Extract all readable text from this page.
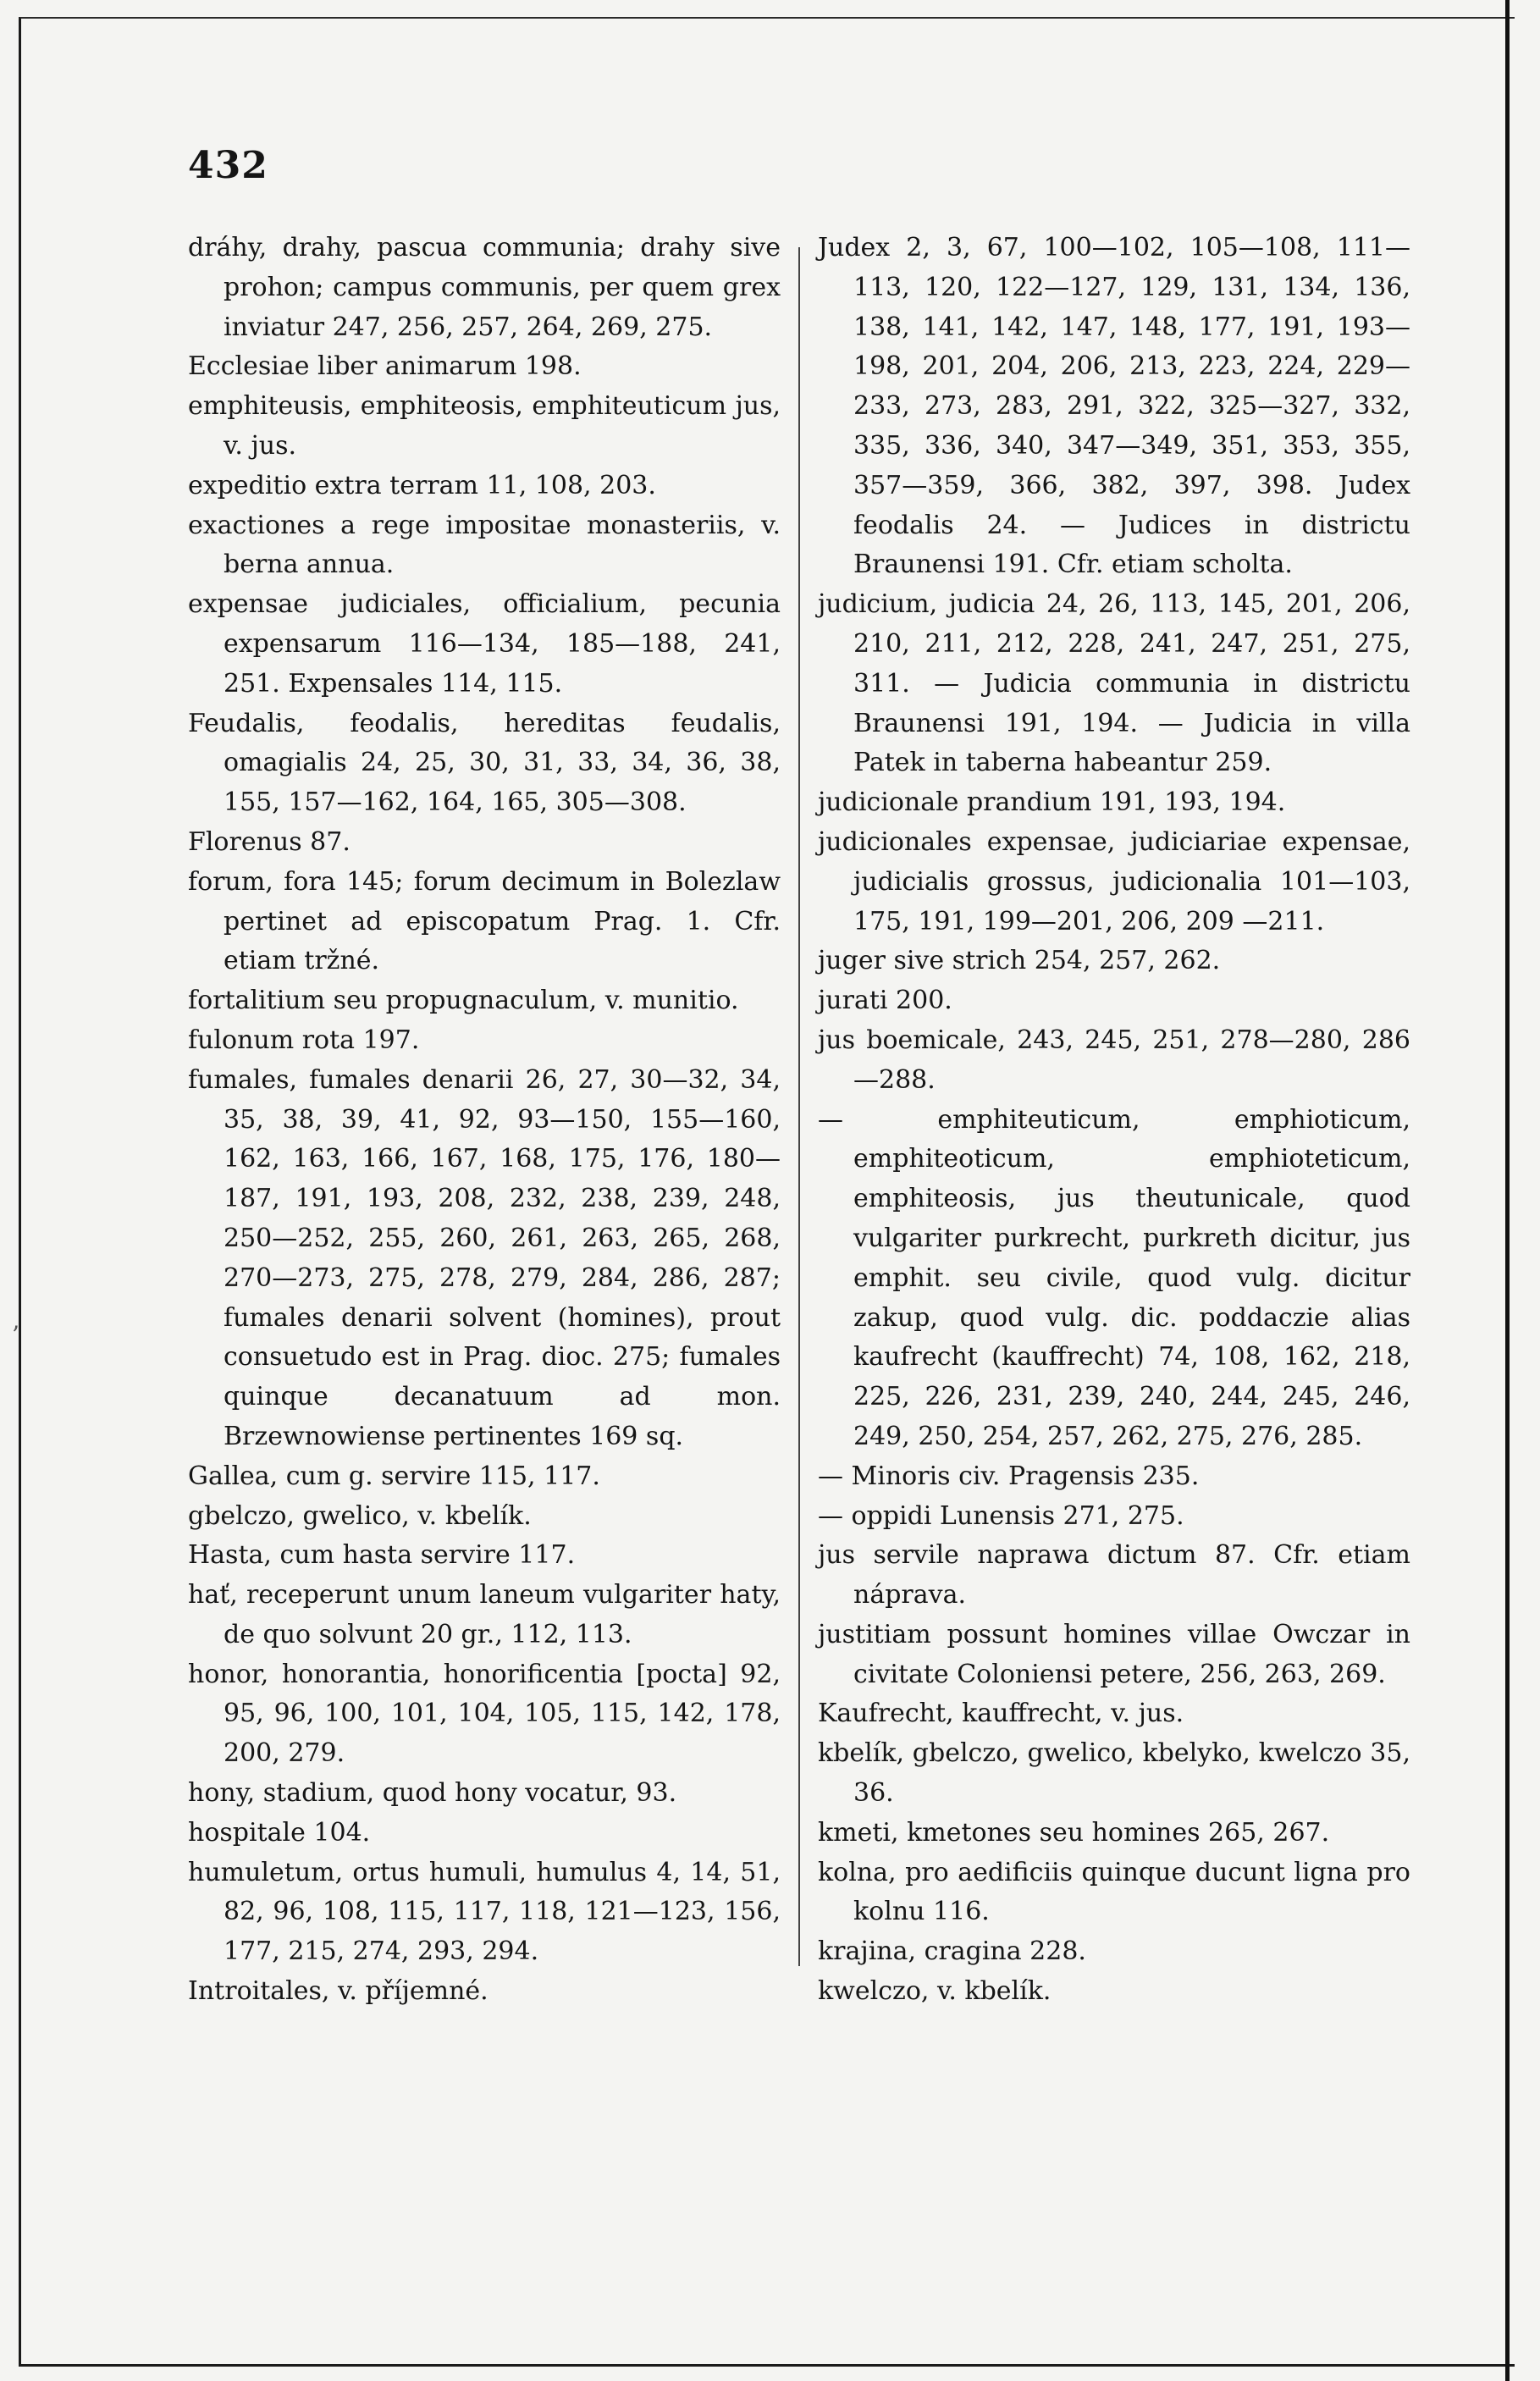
432
dráhy, drahy, pascua communia; drahy sive prohon; campus communis, per quem grex inviatur 247, 256, 257, 264, 269, 275.
Ecclesiae liber animarum 198.
emphiteusis, emphiteosis, emphiteuticum jus, v. jus.
expeditio extra terram 11, 108, 203.
exactiones a rege impositae monasteriis, v. berna annua.
expensae judiciales, officialium, pecunia expensarum 116—134, 185—188, 241, 251. Expensales 114, 115.
Feudalis, feodalis, hereditas feudalis, omagialis 24, 25, 30, 31, 33, 34, 36, 38, 155, 157—162, 164, 165, 305—308.
Florenus 87.
forum, fora 145; forum decimum in Bolezlaw pertinet ad episcopatum Prag. 1. Cfr. etiam tržné.
fortalitium seu propugnaculum, v. munitio.
fulonum rota 197.
fumales, fumales denarii 26, 27, 30—32, 34, 35, 38, 39, 41, 92, 93—150, 155—160, 162, 163, 166, 167, 168, 175, 176, 180—187, 191, 193, 208, 232, 238, 239, 248, 250—252, 255, 260, 261, 263, 265, 268, 270—273, 275, 278, 279, 284, 286, 287; fumales denarii solvent (homines), prout consuetudo est in Prag. dioc. 275; fumales quinque decanatuum ad mon. Brzewnowiense pertinentes 169 sq.
Gallea, cum g. servire 115, 117.
gbelczo, gwelico, v. kbelík.
Hasta, cum hasta servire 117.
hať, receperunt unum laneum vulgariter haty, de quo solvunt 20 gr., 112, 113.
honor, honorantia, honorificentia [pocta] 92, 95, 96, 100, 101, 104, 105, 115, 142, 178, 200, 279.
hony, stadium, quod hony vocatur, 93.
hospitale 104.
humuletum, ortus humuli, humulus 4, 14, 51, 82, 96, 108, 115, 117, 118, 121—123, 156, 177, 215, 274, 293, 294.
Introitales, v. příjemné.
Judex 2, 3, 67, 100—102, 105—108, 111—113, 120, 122—127, 129, 131, 134, 136, 138, 141, 142, 147, 148, 177, 191, 193—198, 201, 204, 206, 213, 223, 224, 229—233, 273, 283, 291, 322, 325—327, 332, 335, 336, 340, 347—349, 351, 353, 355, 357—359, 366, 382, 397, 398. Judex feodalis 24. — Judices in districtu Braunensi 191. Cfr. etiam scholta.
judicium, judicia 24, 26, 113, 145, 201, 206, 210, 211, 212, 228, 241, 247, 251, 275, 311. — Judicia communia in districtu Braunensi 191, 194. — Judicia in villa Patek in taberna habeantur 259.
judicionale prandium 191, 193, 194.
judicionales expensae, judiciariae expensae, judicialis grossus, judicionalia 101—103, 175, 191, 199—201, 206, 209 —211.
juger sive strich 254, 257, 262.
jurati 200.
jus boemicale, 243, 245, 251, 278—280, 286—288.
— emphiteuticum, emphioticum, emphiteoticum, emphioteticum, emphiteosis, jus theutunicale, quod vulgariter purkrecht, purkreth dicitur, jus emphit. seu civile, quod vulg. dicitur zakup, quod vulg. dic. poddaczie alias kaufrecht (kauffrecht) 74, 108, 162, 218, 225, 226, 231, 239, 240, 244, 245, 246, 249, 250, 254, 257, 262, 275, 276, 285.
— Minoris civ. Pragensis 235.
— oppidi Lunensis 271, 275.
jus servile naprawa dictum 87. Cfr. etiam náprava.
justitiam possunt homines villae Owczar in civitate Coloniensi petere, 256, 263, 269.
Kaufrecht, kauffrecht, v. jus.
kbelík, gbelczo, gwelico, kbelyko, kwelczo 35, 36.
kmeti, kmetones seu homines 265, 267.
kolna, pro aedificiis quinque ducunt ligna pro kolnu 116.
krajina, cragina 228.
kwelczo, v. kbelík.
’
